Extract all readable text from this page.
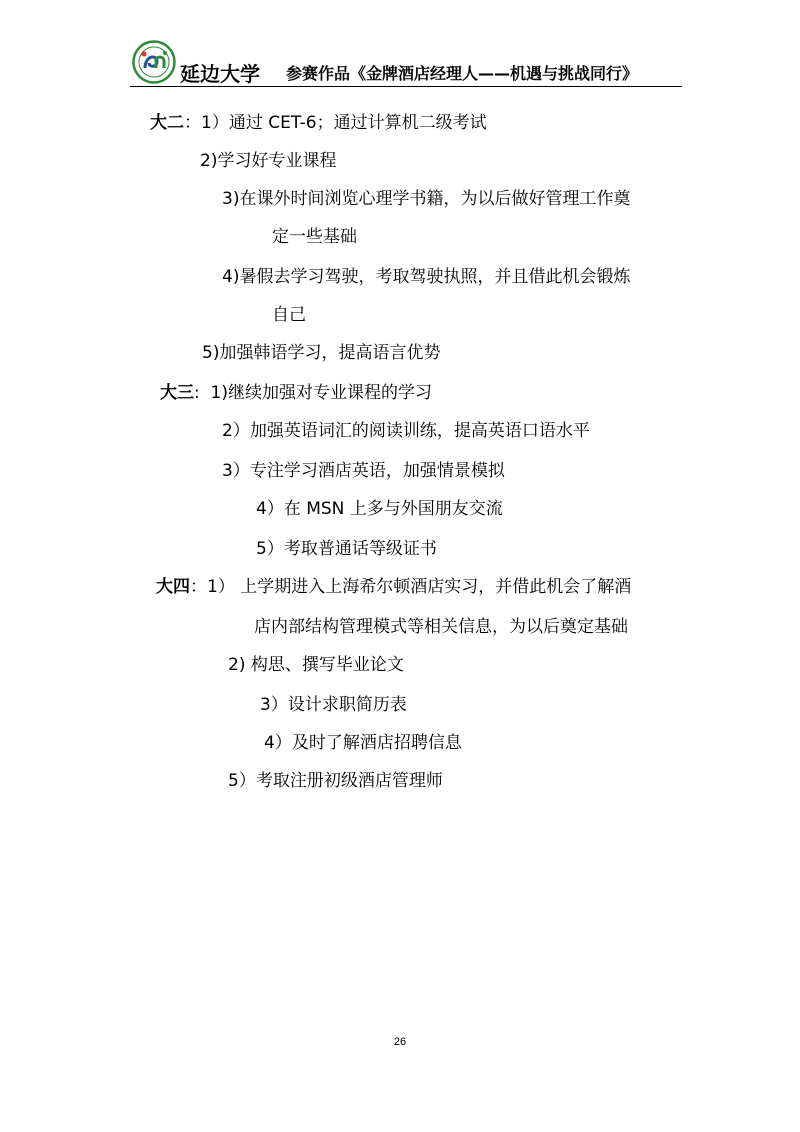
延边大学 参赛作品《金牌酒店经理人——机遇与挑战同行》
大二：1）通过 CET-6；通过计算机二级考试
2)学习好专业课程
3)在课外时间浏览心理学书籍，为以后做好管理工作奠
定一些基础
4)暑假去学习驾驶，考取驾驶执照，并且借此机会锻炼
自己
5)加强韩语学习，提高语言优势
大三:  1)继续加强对专业课程的学习
2）加强英语词汇的阅读训练，提高英语口语水平
3）专注学习酒店英语，加强情景模拟
4）在 MSN 上多与外国朋友交流
5）考取普通话等级证书
大四：1） 上学期进入上海希尔顿酒店实习，并借此机会了解酒
店内部结构管理模式等相关信息，为以后奠定基础
2) 构思、撰写毕业论文
3）设计求职简历表
4）及时了解酒店招聘信息
5）考取注册初级酒店管理师
26
